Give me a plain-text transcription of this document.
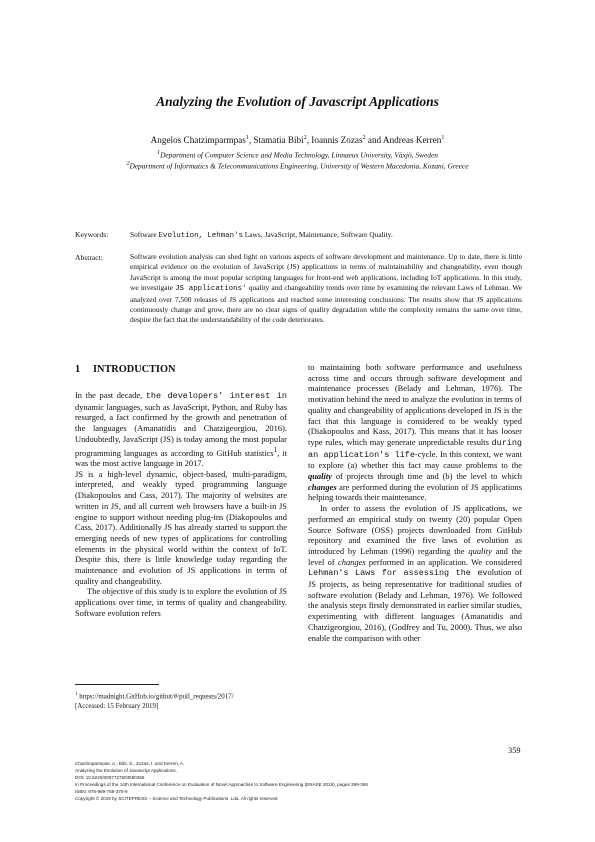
Analyzing the Evolution of Javascript Applications
Angelos Chatzimparmpas$^1$, Stamatia Bibi$^2$, Ioannis Zozas$^2$ and Andreas Kerren$^1$
$^1$Department of Computer Science and Media Technology, Linnaeus University, Växjö, Sweden
$^2$Department of Informatics & Telecommunications Engineering, University of Western Macedonia, Kozani, Greece
Keywords:	Software Evolution, Lehman's Laws, JavaScript, Maintenance, Software Quality.
Abstract:	Software evolution analysis can shed light on various aspects of software development and maintenance. Up to date, there is little empirical evidence on the evolution of JavaScript (JS) applications in terms of maintainability and changeability, even though JavaScript is among the most popular scripting languages for front-end web applications, including IoT applications. In this study, we investigate JS applications' quality and changeability trends over time by examining the relevant Laws of Lehman. We analyzed over 7,500 releases of JS applications and reached some interesting conclusions. The results show that JS applications continuously change and grow, there are no clear signs of quality degradation while the complexity remains the same over time, despite the fact that the understandability of the code deteriorates.
1 INTRODUCTION

In the past decade, the developers' interest in dynamic languages, such as JavaScript, Python, and Ruby has resurged, a fact confirmed by the growth and penetration of the languages (Amanatidis and Chatzigeorgiou, 2016). Undoubtedly, JavaScript (JS) is today among the most popular programming languages as according to GitHub statistics$^1$, it was the most active language in 2017.

JS is a high-level dynamic, object-based, multi-paradigm, interpreted, and weakly typed programming language (Diakopoulos and Cass, 2017). The majority of websites are written in JS, and all current web browsers have a built-in JS engine to support without needing plug-ins (Diakopoulos and Cass, 2017). Additionally JS has already started to support the emerging needs of new types of applications for controlling elements in the physical world within the context of IoT. Despite this, there is little knowledge today regarding the maintenance and evolution of JS applications in terms of quality and changeability.

The objective of this study is to explore the evolution of JS applications over time, in terms of quality and changeability. Software evolution refers

$^1$ https://madnight.GitHub.io/githut/#/pull_requests/2017/
[Accessed: 15 February 2019]

to maintaining both software performance and usefulness across time and occurs through software development and maintenance processes (Belady and Lehman, 1976). The motivation behind the need to analyze the evolution in terms of quality and changeability of applications developed in JS is the fact that this language is considered to be weakly typed (Diakopoulos and Kass, 2017). This means that it has looser type rules, which may generate unpredictable results during an application's life-cycle. In this context, we want to explore (a) whether this fact may cause problems to the quality of projects through time and (b) the level to which changes are performed during the evolution of JS applications helping towards their maintenance.

In order to assess the evolution of JS applications, we performed an empirical study on twenty (20) popular Open Source Software (OSS) projects downloaded from GitHub repository and examined the five laws of evolution as introduced by Lehman (1996) regarding the quality and the level of changes performed in an application. We considered Lehman's Laws for assessing the evolution of JS projects, as being representative for traditional studies of software evolution (Belady and Lehman, 1976). We followed the analysis steps firstly demonstrated in earlier similar studies, experimenting with different languages (Amanatidis and Chatzigeorgiou, 2016), (Godfrey and Tu, 2000). Thus, we also enable the comparison with other

359
Chatzimparmpas, A., Bibi, S., Zozas, I. and Kerren, A.
Analyzing the Evolution of Javascript Applications.
DOI: 10.5220/0007727603590366
In Proceedings of the 14th International Conference on Evaluation of Novel Approaches to Software Engineering (ENASE 2019), pages 359-366
ISBN: 978-989-758-375-9
Copyright © 2019 by SCITEPRESS – Science and Technology Publications, Lda. All rights reserved
